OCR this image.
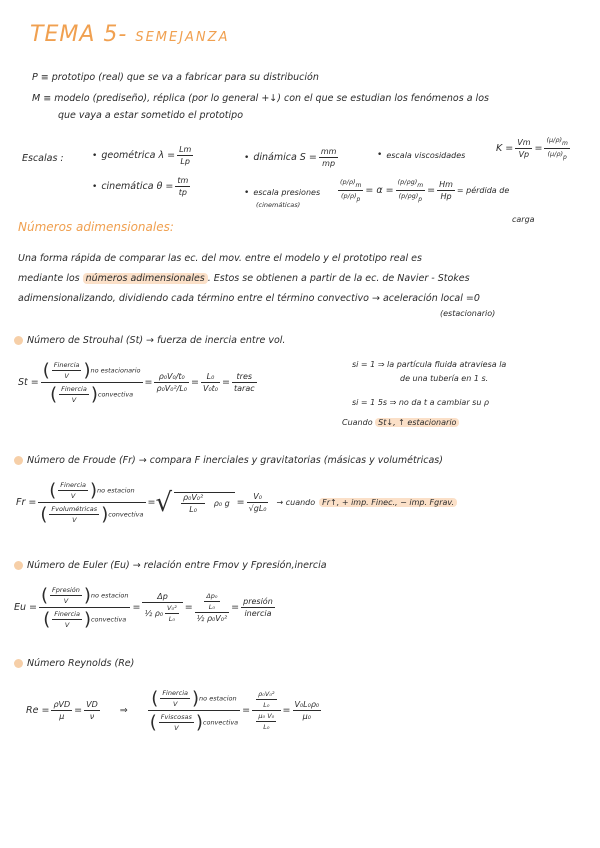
TEMA 5- SEMEJANZA
P ≡ prototipo (real) que se va a fabricar para su distribución
M ≡ modelo (prediseño), réplica (por lo general +↓) con el que se estudian los fenómenos a los
que vaya a estar sometido el prototipo
Escalas :	• geométrica
$\lambda = \frac{Lm}{Lp}$
• cinemática
$\theta = \frac{tm}{tp}$
• dinámica
$S = \frac{mm}{mp}$	• escala viscosidades
$K = \frac{Vm}{Vp} = \frac{(\mu/\rho)m}{(\mu/\rho)p}$
• escala presiones
(cinemáticas)
$\frac{(p/\rho)m}{(p/\rho)p} = \alpha = \frac{(p/\rho g)m}{(p/\rho g)p} = \frac{Hm}{Hp}$ = pérdida de
carga
Números adimensionales:
Una forma rápida de comparar las ec. del mov. entre el modelo y el prototipo real es
mediante los números adimensionales . Estos se obtienen a partir de la ec. de Navier - Stokes
adimensionalizando, dividiendo cada término entre el término convectivo → aceleración local =0
(estacionario)
Número de Strouhal (St) → fuerza de inercia entre vol.
$St = \frac{( \frac{\text{Finercia}}{V} )no estacionario}{( \frac{\text{Finercia}}{V} )convectiva} = \frac{\text{ρ₀V₀/t₀}}{\text{ρ₀V₀²/L₀}} = \frac{\text{L₀}}{\text{V₀t₀}} = \frac{\text{tres}}{\text{tarac}}$
si = 1 ⇒ la partícula fluida atraviesa la
de una tubería en 1 s.
si = 1 5s ⇒ no da t a cambiar su ρ
Cuando St↓, ↑ estacionario
Número de Froude (Fr) → compara F inerciales y gravitatorias (másicas y volumétricas)
$Fr = \frac{( \frac{\text{Finercia}}{V} )no estacion}{( \frac{\text{Fvolumétricas}}{V} )convectiva}$ = √ $\frac{\text{ρ₀V₀²}}{\text{L₀}} \rho_0$ $g = \frac{\text{V₀}}{\text{√gL₀}}$ → cuando Fr↑, + imp. Finec., − imp. Fgrav.
Número de Euler (Eu) → relación entre Fmov y Fpresión,inercia
$Eu = \frac{( \frac{\text{Fpresión}}{V} )no estacion}{( \frac{\text{Finercia}}{V} )convectiva} = \frac{\Delta p}{\frac{1}{2} \rho_0 \frac{\text{V₀²}}{\text{L₀}}} = \frac{\frac{\text{Δp₀}}{\text{L₀}}}{\text{½ ρ₀V₀²}} = \frac{\text{presión}}{\text{inercia}}$
Número Reynolds (Re)
$Re = \frac{\text{ρVD}}{\mu} = \frac{VD}{\nu}$ ⇒ $\frac{( \frac{\text{Finercia}}{V} )no estacion}{( \frac{\text{Fviscosas}}{V} )convectiva} = \frac{\frac{\text{ρ₀V₀²}}{\text{L₀}}}{\frac{\text{μ₀ V₀}}{\text{L₀}}} = \frac{\text{V₀L₀ρ₀}}{\text{μ₀}}$
